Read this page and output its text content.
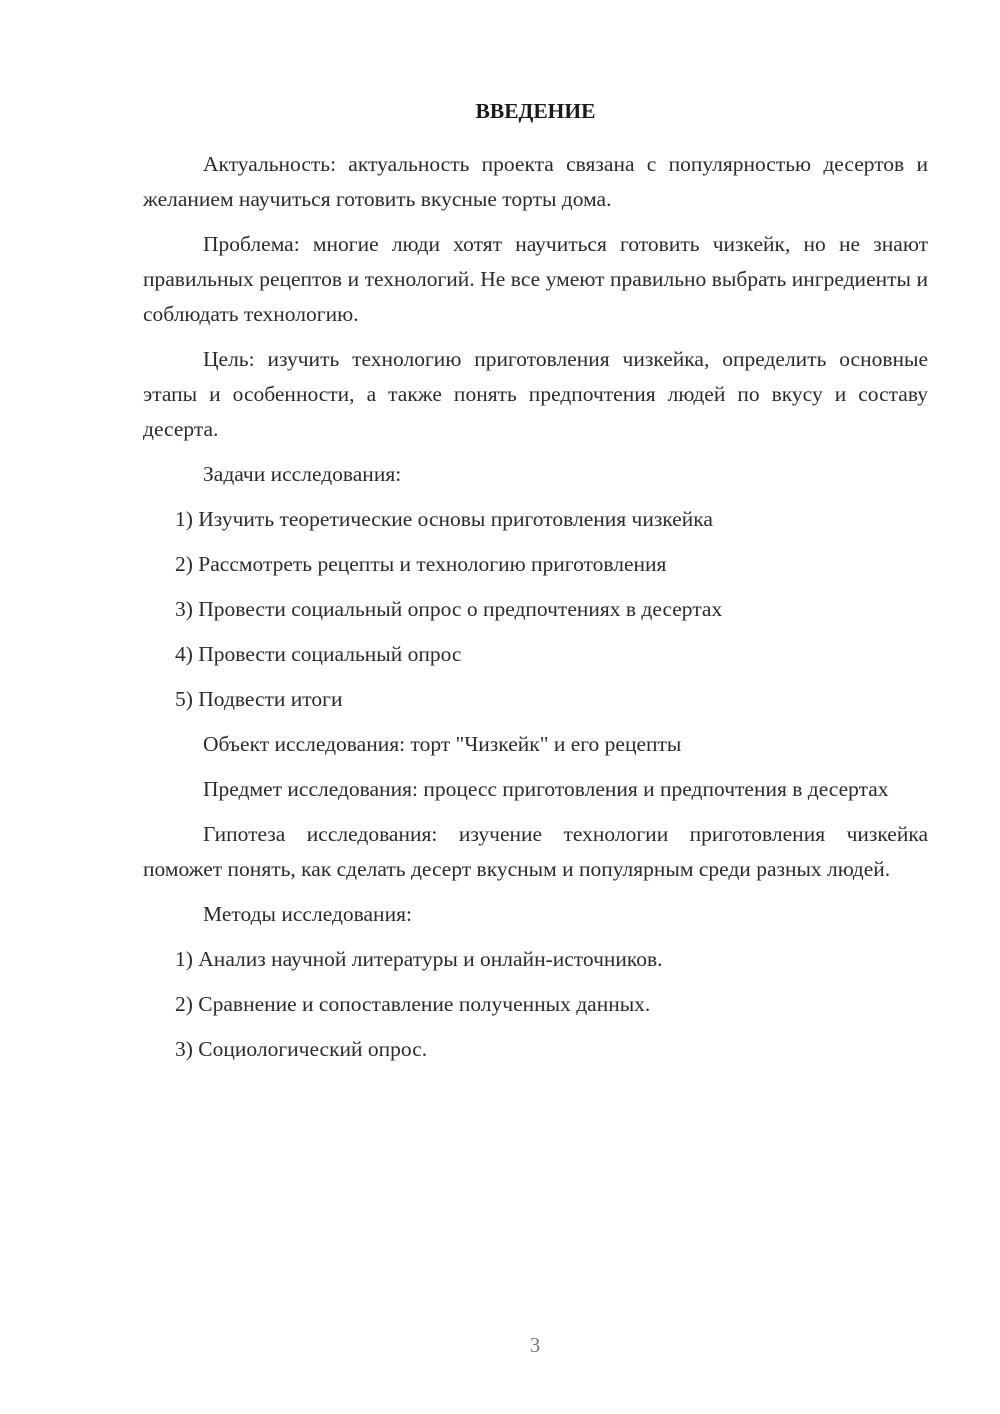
ВВЕДЕНИЕ

Актуальность: актуальность проекта связана с популярностью десертов и желанием научиться готовить вкусные торты дома.

Проблема: многие люди хотят научиться готовить чизкейк, но не знают правильных рецептов и технологий. Не все умеют правильно выбрать ингредиенты и соблюдать технологию.

Цель: изучить технологию приготовления чизкейка, определить основные этапы и особенности, а также понять предпочтения людей по вкусу и составу десерта.

Задачи исследования:

1) Изучить теоретические основы приготовления чизкейка

2) Рассмотреть рецепты и технологию приготовления

3) Провести социальный опрос о предпочтениях в десертах

4) Провести социальный опрос

5) Подвести итоги

Объект исследования: торт "Чизкейк" и его рецепты

Предмет исследования: процесс приготовления и предпочтения в десертах

Гипотеза исследования: изучение технологии приготовления чизкейка поможет понять, как сделать десерт вкусным и популярным среди разных людей.

Методы исследования:

1) Анализ научной литературы и онлайн-источников.

2) Сравнение и сопоставление полученных данных.

3) Социологический опрос.

3
